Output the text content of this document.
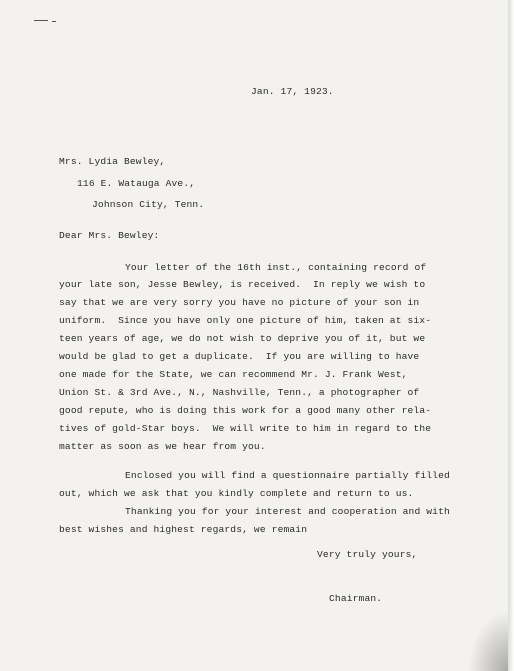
Jan. 17, 1923.
Mrs. Lydia Bewley,
116 E. Watauga Ave.,
Johnson City, Tenn.
Dear Mrs. Bewley:
Your letter of the 16th inst., containing record of
your late son, Jesse Bewley, is received.  In reply we wish to
say that we are very sorry you have no picture of your son in
uniform.  Since you have only one picture of him, taken at six-
teen years of age, we do not wish to deprive you of it, but we
would be glad to get a duplicate.  If you are willing to have
one made for the State, we can recommend Mr. J. Frank West,
Union St. & 3rd Ave., N., Nashville, Tenn., a photographer of
good repute, who is doing this work for a good many other rela-
tives of gold-Star boys.  We will write to him in regard to the
matter as soon as we hear from you.
Enclosed you will find a questionnaire partially filled
out, which we ask that you kindly complete and return to us.
Thanking you for your interest and cooperation and with
best wishes and highest regards, we remain
Very truly yours,
Chairman.
